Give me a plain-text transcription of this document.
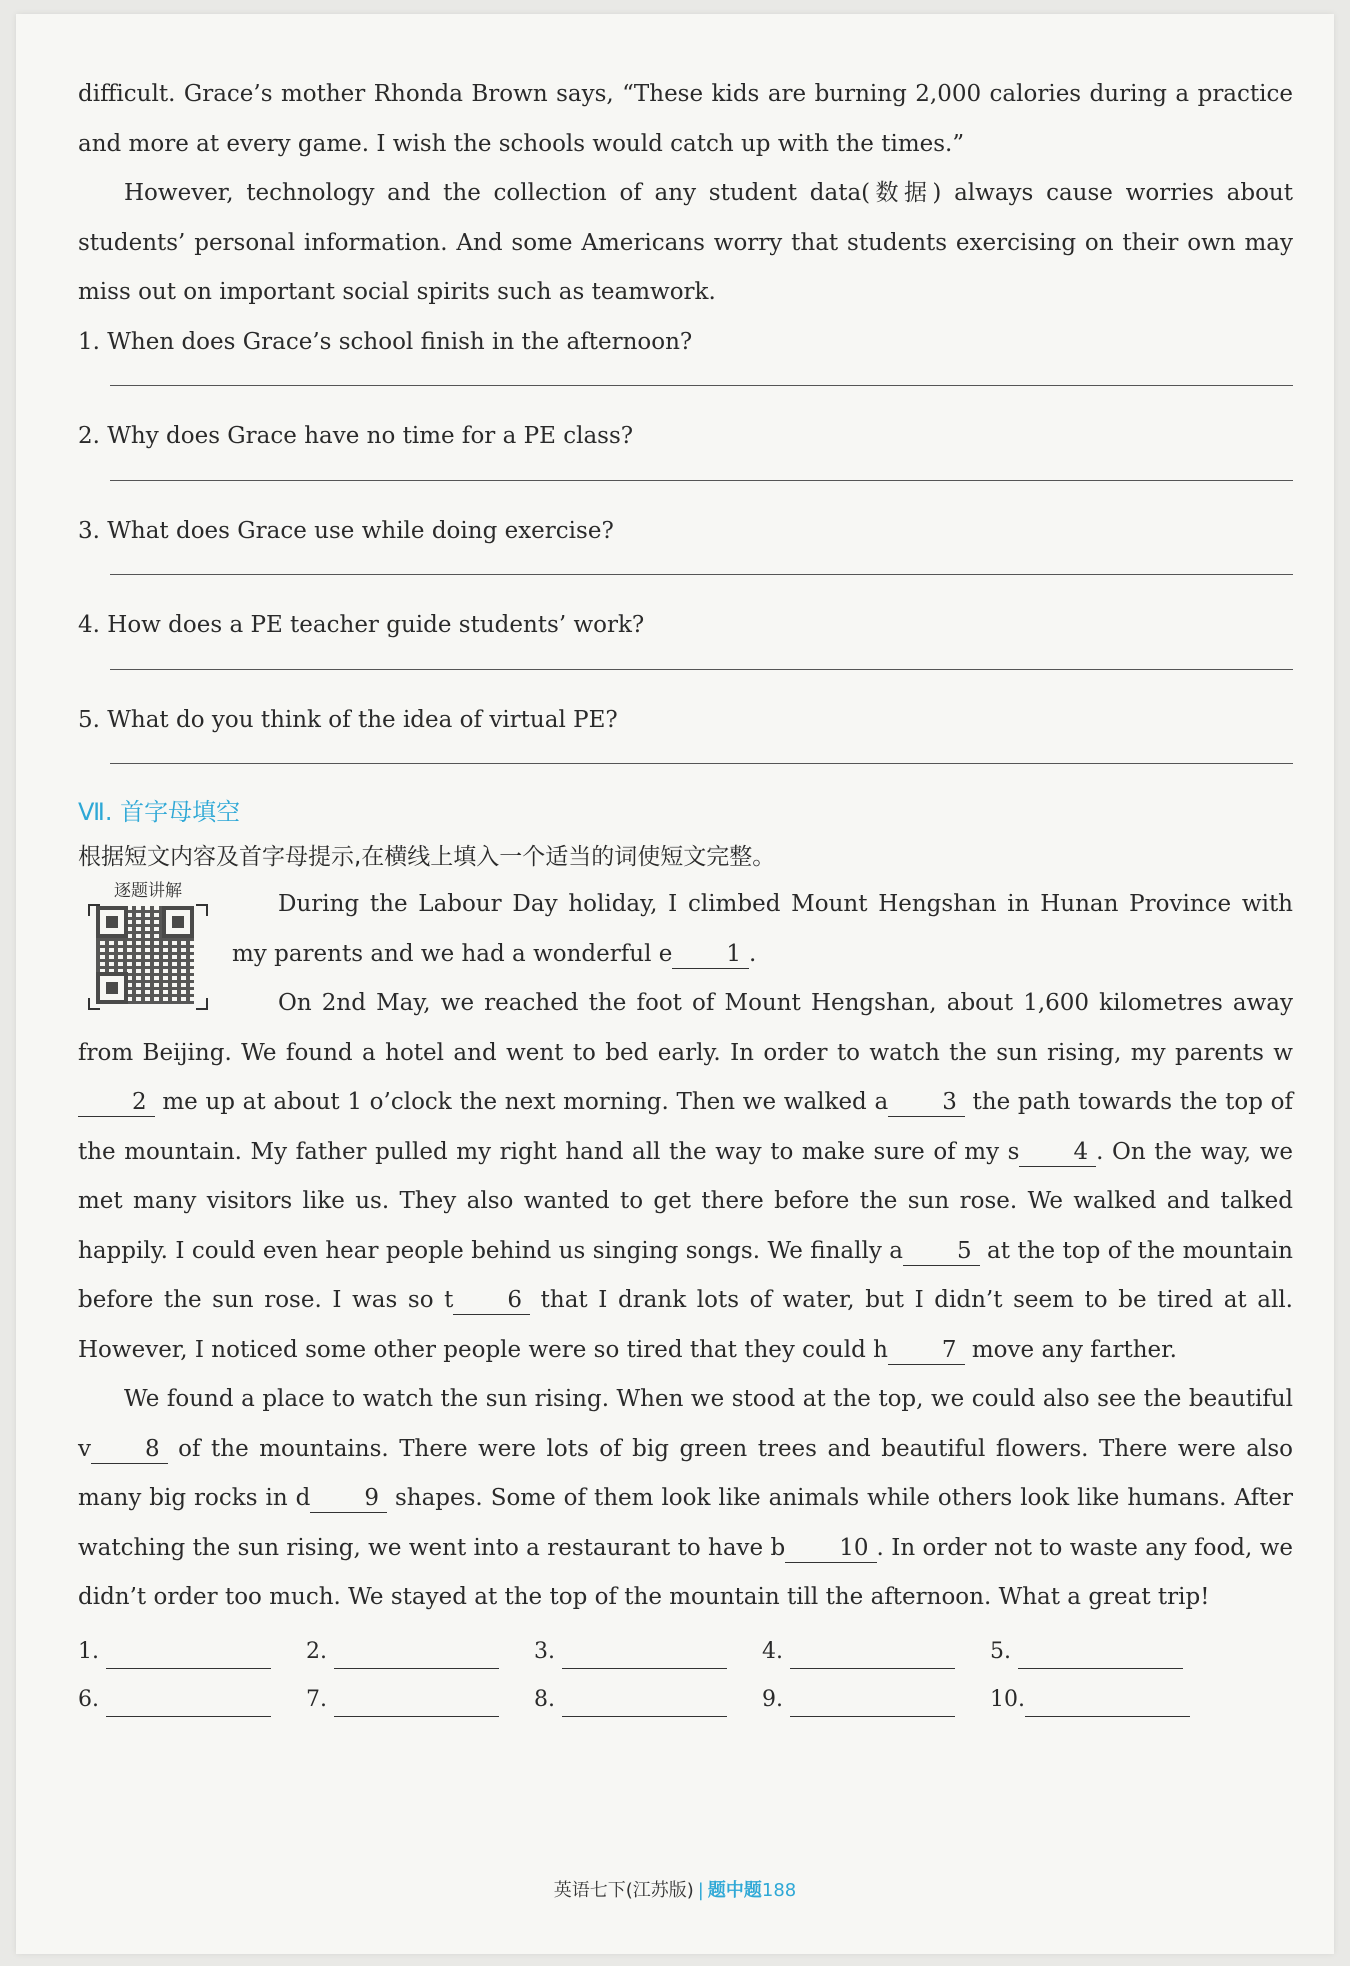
difficult. Grace’s mother Rhonda Brown says, “These kids are burning 2,000 calories during a practice and more at every game. I wish the schools would catch up with the times.”

However, technology and the collection of any student data(数据) always cause worries about students’ personal information. And some Americans worry that students exercising on their own may miss out on important social spirits such as teamwork.

1. When does Grace’s school finish in the afternoon?

2. Why does Grace have no time for a PE class?

3. What does Grace use while doing exercise?

4. How does a PE teacher guide students’ work?

5. What do you think of the idea of virtual PE?

Ⅶ. 首字母填空
根据短文内容及首字母提示,在横线上填入一个适当的词使短文完整。
逐题讲解	During the Labour Day holiday, I climbed Mount Hengshan in Hunan Province with my parents and we had a wonderful e 1 .

On 2nd May, we reached the foot of Mount Hengshan, about 1,600 kilometres away from Beijing. We found a hotel and went to bed early. In order to watch the sun rising, my parents w2 me up at about 1 o’clock the next morning. Then we walked a 3 the path towards the top of the mountain. My father pulled my right hand all the way to make sure of my s 4 . On the way, we met many visitors like us. They also wanted to get there before the sun rose. We walked and talked happily. I could even hear people behind us singing songs. We finally a 5 at the top of the mountain before the sun rose. I was so t 6 that I drank lots of water, but I didn’t seem to be tired at all. However, I noticed some other people were so tired that they could h 7 move any farther.

We found a place to watch the sun rising. When we stood at the top, we could also see the beautiful v 8 of the mountains. There were lots of big green trees and beautiful flowers. There were also many big rocks in d 9 shapes. Some of them look like animals while others look like humans. After watching the sun rising, we went into a restaurant to have b 10 . In order not to waste any food, we didn’t order too much. We stayed at the top of the mountain till the afternoon. What a great trip!

1.	2.	3.	4.	5.
6.	7.	8.	9.	10.
英语七下(江苏版) | 题中题188
